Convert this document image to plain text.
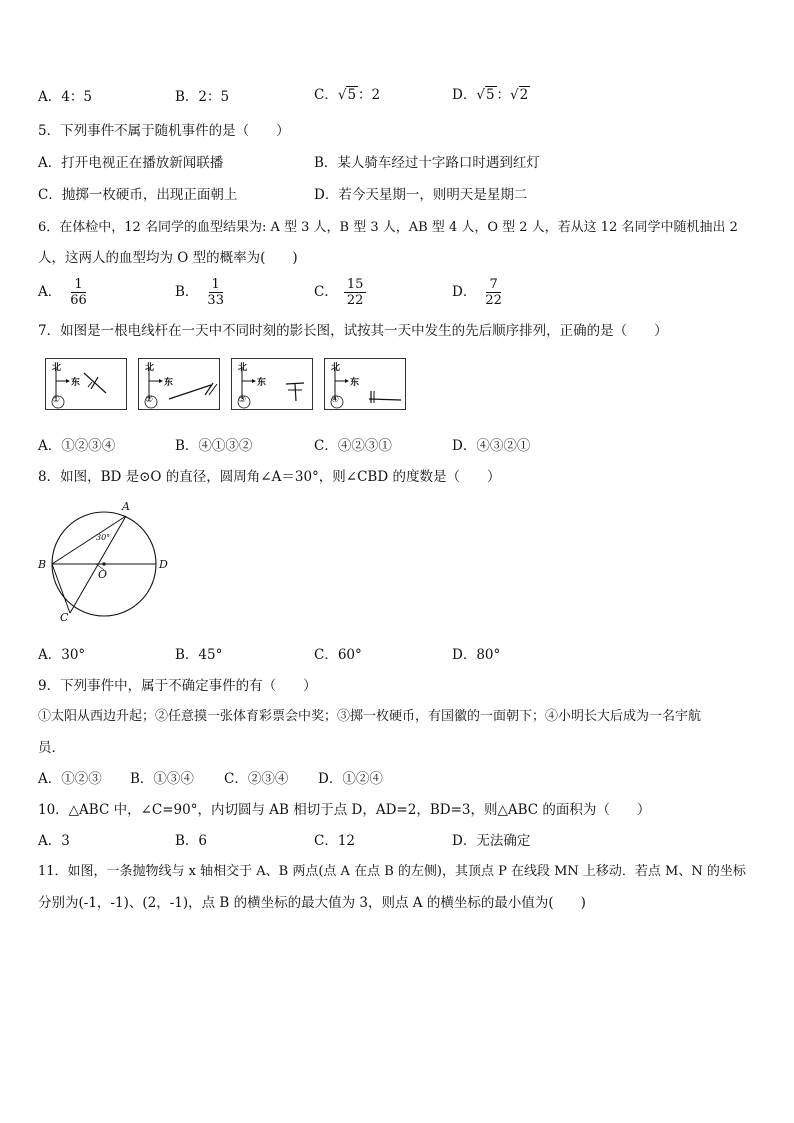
A．4：5	B．2：5	C．√5 ：2	D．√5 ：√2
5．下列事件不属于随机事件的是（　　）
A．打开电视正在播放新闻联播	B．某人骑车经过十字路口时遇到红灯
C．抛掷一枚硬币，出现正面朝上	D．若今天星期一，则明天是星期二
6．在体检中，12 名同学的血型结果为: A 型 3 人，B 型 3 人，AB 型 4 人，O 型 2 人，若从这 12 名同学中随机抽出 2
人，这两人的血型均为 O 型的概率为(　　)
A． $\frac{1}{66}$	B． $\frac{1}{33}$	C． $\frac{15}{22}$	D． $\frac{7}{22}$
7．如图是一根电线杆在一天中不同时刻的影长图，试按其一天中发生的先后顺序排列，正确的是（　　）
北
东
①
北
东
②
北
东
③
北
东
④
A．①②③④	B．④①③②	C．④②③①	D．④③②①
8．如图，BD 是⊙O 的直径，圆周角∠A＝30°，则∠CBD 的度数是（　　）
A
B
C
D
O
30°
A．30°	B．45°	C．60°	D．80°
9．下列事件中，属于不确定事件的有（　　）
①太阳从西边升起；②任意摸一张体育彩票会中奖；③掷一枚硬币，有国徽的一面朝下；④小明长大后成为一名宇航
员．
A．①②③ B．①③④ C．②③④ D．①②④
10．△ABC 中，∠C=90°，内切圆与 AB 相切于点 D，AD=2，BD=3，则△ABC 的面积为（　　）
A．3	B．6	C．12	D．无法确定
11．如图，一条抛物线与 x 轴相交于 A、B 两点(点 A 在点 B 的左侧)，其顶点 P 在线段 MN 上移动．若点 M、N 的坐标
分别为(-1，-1)、(2，-1)，点 B 的横坐标的最大值为 3，则点 A 的横坐标的最小值为(　　)
